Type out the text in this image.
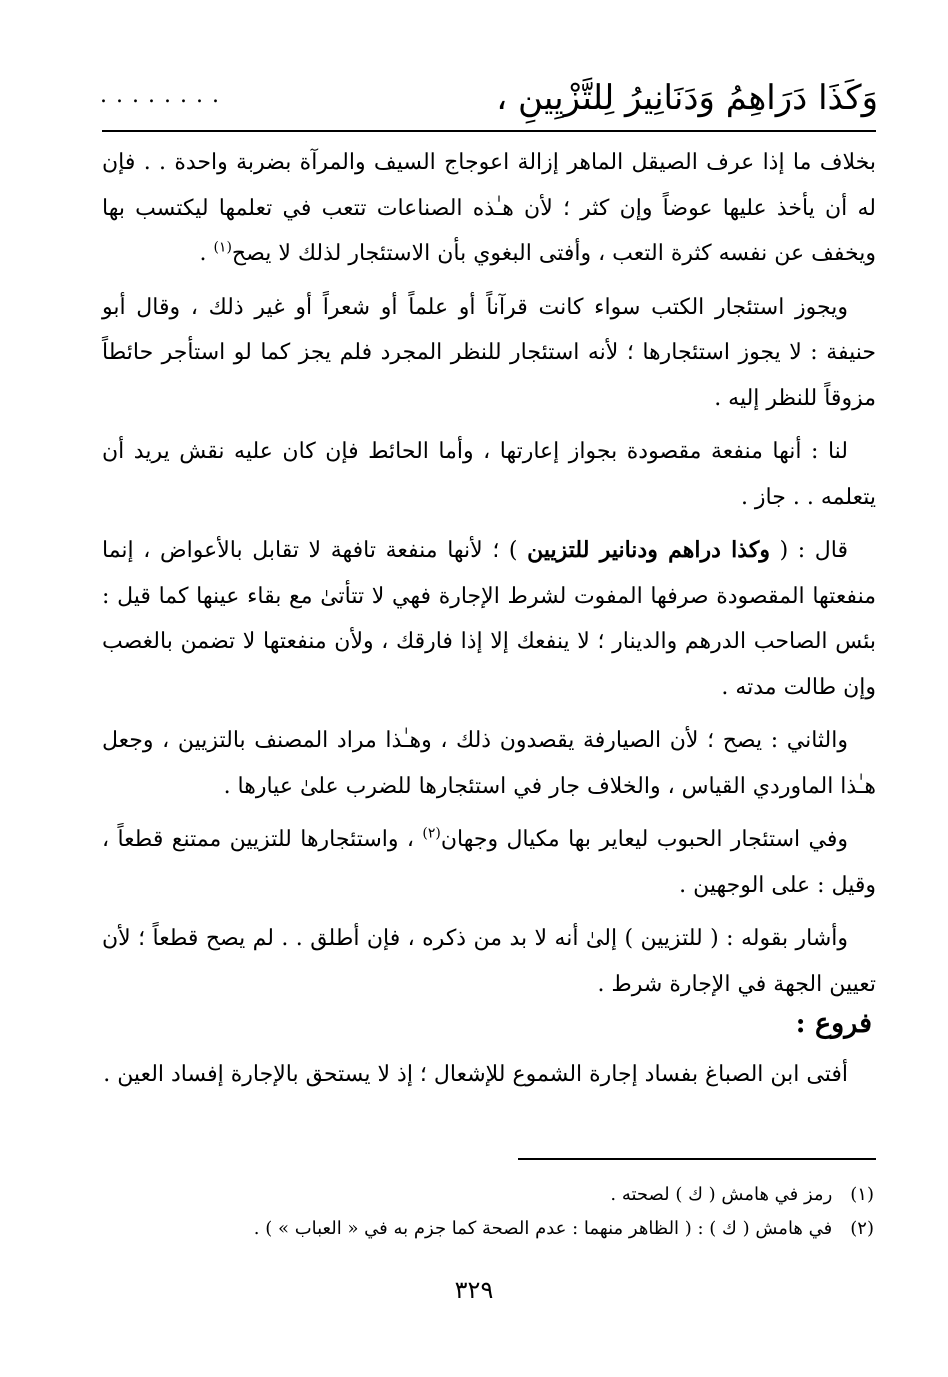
وَكَذَا دَرَاهِمُ وَدَنَانِيرُ لِلتَّزْيِينِ ،
........

بخلاف ما إذا عرف الصيقل الماهر إزالة اعوجاج السيف والمرآة بضربة واحدة . . فإن له أن يأخذ عليها عوضاً وإن كثر ؛ لأن هـٰذه الصناعات تتعب في تعلمها ليكتسب بها ويخفف عن نفسه كثرة التعب ، وأفتى البغوي بأن الاستئجار لذلك لا يصح$^{(١)}$ .

ويجوز استئجار الكتب سواء كانت قرآناً أو علماً أو شعراً أو غير ذلك ، وقال أبو حنيفة : لا يجوز استئجارها ؛ لأنه استئجار للنظر المجرد فلم يجز كما لو استأجر حائطاً مزوقاً للنظر إليه .

لنا : أنها منفعة مقصودة بجواز إعارتها ، وأما الحائط فإن كان عليه نقش يريد أن يتعلمه . . جاز .

قال : ( وكذا دراهم ودنانير للتزيين ) ؛ لأنها منفعة تافهة لا تقابل بالأعواض ، إنما منفعتها المقصودة صرفها المفوت لشرط الإجارة فهي لا تتأتىٰ مع بقاء عينها كما قيل : بئس الصاحب الدرهم والدينار ؛ لا ينفعك إلا إذا فارقك ، ولأن منفعتها لا تضمن بالغصب وإن طالت مدته .

والثاني : يصح ؛ لأن الصيارفة يقصدون ذلك ، وهـٰذا مراد المصنف بالتزيين ، وجعل هـٰذا الماوردي القياس ، والخلاف جار في استئجارها للضرب علىٰ عيارها .

وفي استئجار الحبوب ليعاير بها مكيال وجهان$^{(٢)}$ ، واستئجارها للتزيين ممتنع قطعاً ، وقيل : على الوجهين .

وأشار بقوله : ( للتزيين ) إلىٰ أنه لا بد من ذكره ، فإن أطلق . . لم يصح قطعاً ؛ لأن تعيين الجهة في الإجارة شرط .

فروع :

أفتى ابن الصباغ بفساد إجارة الشموع للإشعال ؛ إذ لا يستحق بالإجارة إفساد العين .

(١)
رمز في هامش ( ك ) لصحته .
(٢)
في هامش ( ك ) : ( الظاهر منهما : عدم الصحة كما جزم به في « العباب » ) .
٣٢٩
